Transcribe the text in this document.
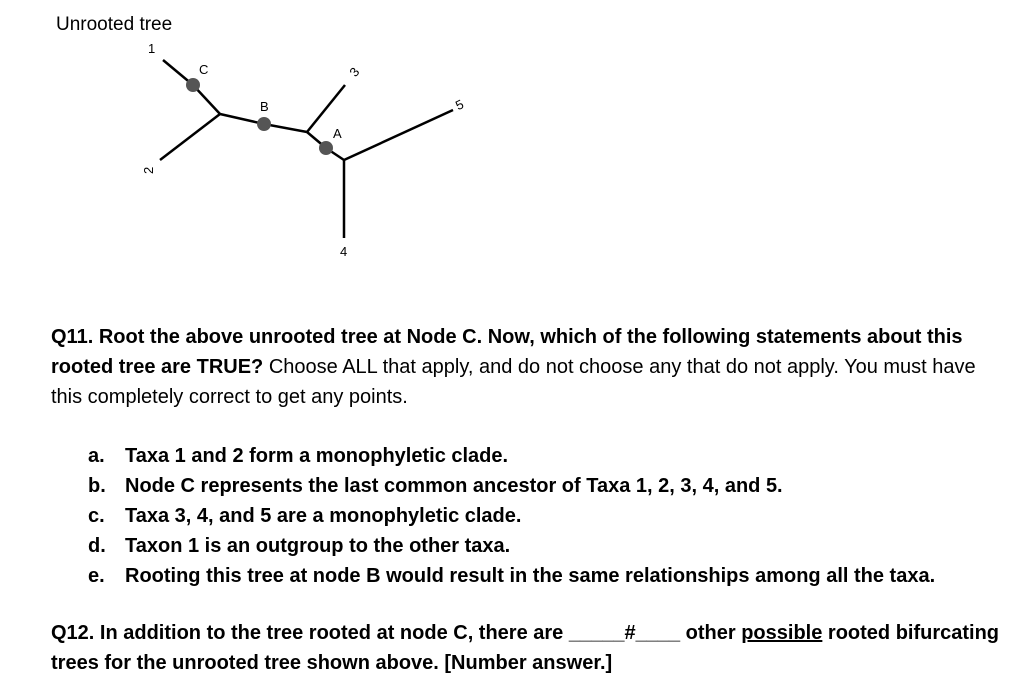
Unrooted tree
1
2
3
4
5
C
B
A
Q11. Root the above unrooted tree at Node C. Now, which of the following statements about this rooted tree are TRUE? Choose ALL that apply, and do not choose any that do not apply. You must have this completely correct to get any points.
a.	Taxa 1 and 2 form a monophyletic clade.
b. Node C represents the last common ancestor of Taxa 1, 2, 3, 4, and 5.
c.	Taxa 3, 4, and 5 are a monophyletic clade.
d. Taxon 1 is an outgroup to the other taxa.
e.	Rooting this tree at node B would result in the same relationships among all the taxa.
Q12. In addition to the tree rooted at node C, there are _____#____ other possible rooted bifurcating trees for the unrooted tree shown above. [Number answer.]
